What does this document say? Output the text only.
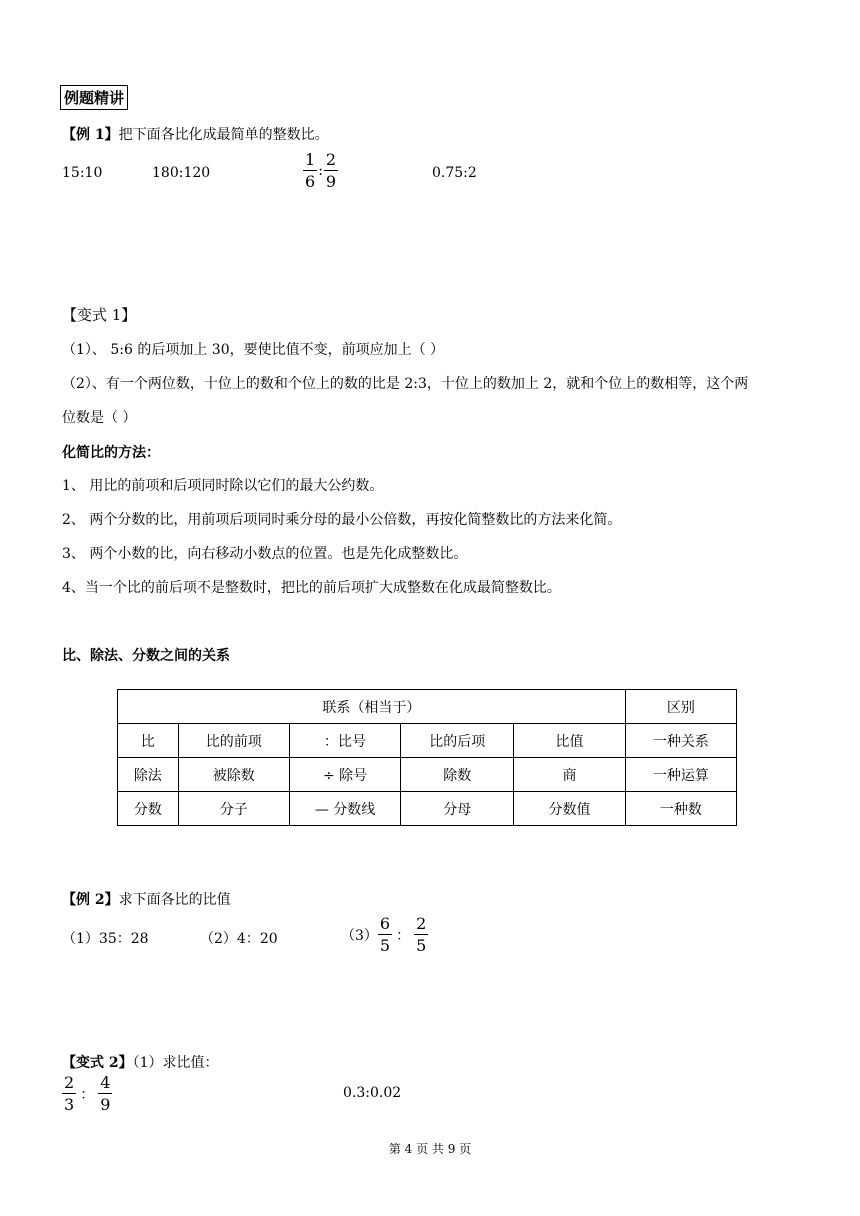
例题精讲
【例 1】把下面各比化成最简单的整数比。
15:10	180:120	$\frac{1}{6}$ : $\frac{2}{9}$	0.75:2
【变式 1】
（1）、 5:6 的后项加上 30，要使比值不变，前项应加上（ ）
（2）、有一个两位数，十位上的数和个位上的数的比是 2:3，十位上的数加上 2，就和个位上的数相等，这个两
位数是（ ）
化简比的方法：
1、 用比的前项和后项同时除以它们的最大公约数。
2、 两个分数的比，用前项后项同时乘分母的最小公倍数，再按化简整数比的方法来化简。
3、 两个小数的比，向右移动小数点的位置。也是先化成整数比。
4、当一个比的前后项不是整数时，把比的前后项扩大成整数在化成最简整数比。
比、除法、分数之间的关系
联系（相当于）					区别
比	比的前项	：比号	比的后项	比值	一种关系
除法	被除数	÷ 除号	除数	商	一种运算
分数	分子	— 分数线	分母	分数值	一种数
【例 2】求下面各比的比值
（1）35：28	（2）4：20	$(3) \frac{6}{5}$ ： $\frac{2}{5}$
【变式 2】（1）求比值：
$\frac{2}{3}$ ： $\frac{4}{9}$	0.3:0.02
第 4 页 共 9 页
